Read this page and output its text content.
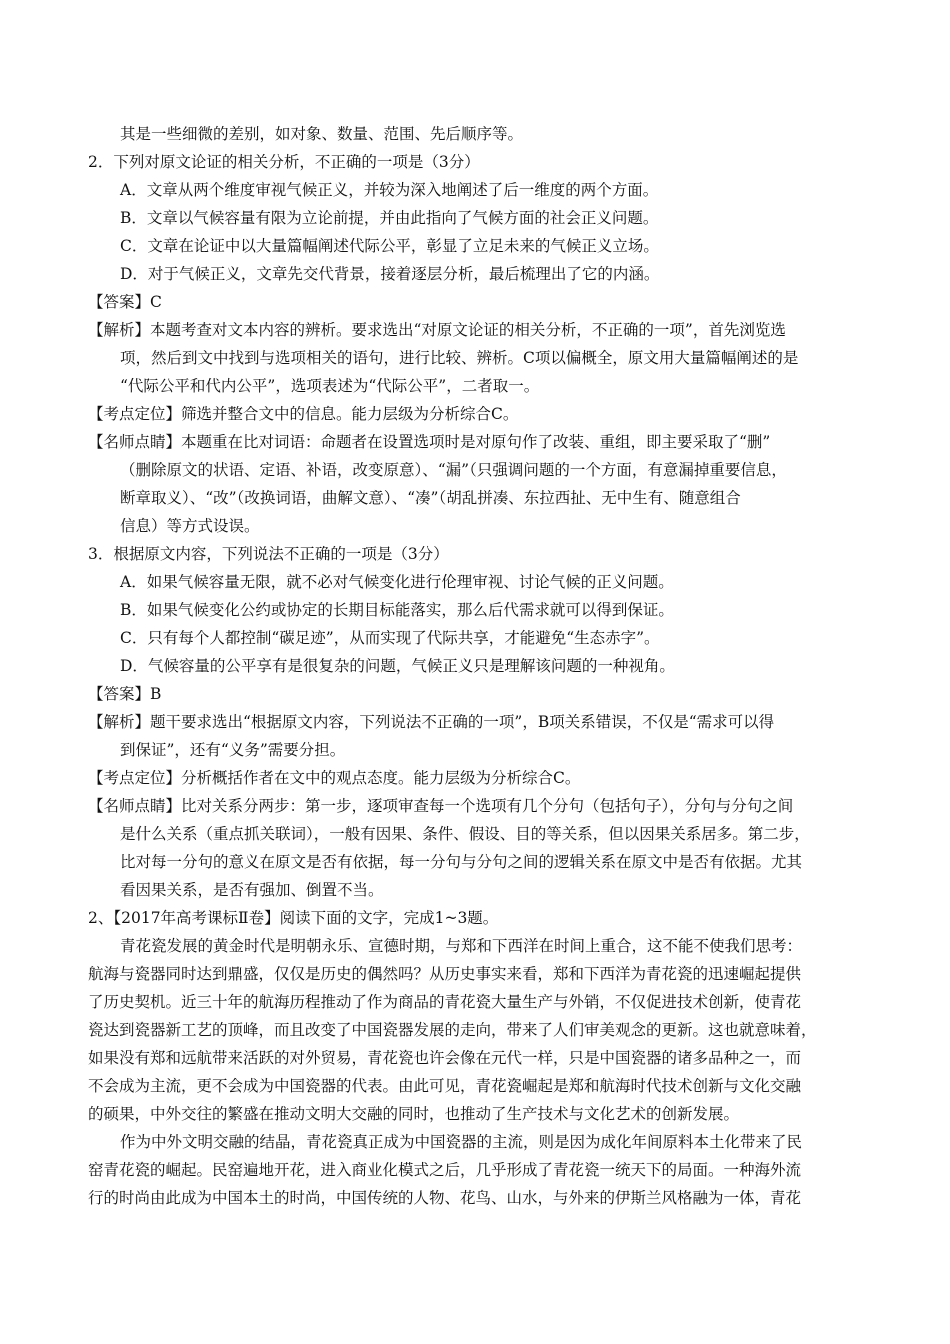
其是一些细微的差别，如对象、数量、范围、先后顺序等。
2．下列对原文论证的相关分析，不正确的一项是（3分）
A．文章从两个维度审视气候正义，并较为深入地阐述了后一维度的两个方面。
B．文章以气候容量有限为立论前提，并由此指向了气候方面的社会正义问题。
C．文章在论证中以大量篇幅阐述代际公平，彰显了立足未来的气候正义立场。
D．对于气候正义，文章先交代背景，接着逐层分析，最后梳理出了它的内涵。
【答案】C
【解析】本题考查对文本内容的辨析。要求选出“对原文论证的相关分析，不正确的一项”，首先浏览选
项，然后到文中找到与选项相关的语句，进行比较、辨析。C项以偏概全，原文用大量篇幅阐述的是
“代际公平和代内公平”，选项表述为“代际公平”，二者取一。
【考点定位】筛选并整合文中的信息。能力层级为分析综合C。
【名师点睛】本题重在比对词语：命题者在设置选项时是对原句作了改装、重组，即主要采取了“删”
（删除原文的状语、定语、补语，改变原意）、“漏”（只强调问题的一个方面，有意漏掉重要信息，
断章取义）、“改”（改换词语，曲解文意）、“凑”（胡乱拼凑、东拉西扯、无中生有、随意组合
信息）等方式设误。
3．根据原文内容，下列说法不正确的一项是（3分）
A．如果气候容量无限，就不必对气候变化进行伦理审视、讨论气候的正义问题。
B．如果气候变化公约或协定的长期目标能落实，那么后代需求就可以得到保证。
C．只有每个人都控制“碳足迹”，从而实现了代际共享，才能避免“生态赤字”。
D．气候容量的公平享有是很复杂的问题，气候正义只是理解该问题的一种视角。
【答案】B
【解析】题干要求选出“根据原文内容，下列说法不正确的一项”，B项关系错误，不仅是“需求可以得
到保证”，还有“义务”需要分担。
【考点定位】分析概括作者在文中的观点态度。能力层级为分析综合C。
【名师点睛】比对关系分两步：第一步，逐项审查每一个选项有几个分句（包括句子），分句与分句之间
是什么关系（重点抓关联词），一般有因果、条件、假设、目的等关系，但以因果关系居多。第二步，
比对每一分句的意义在原文是否有依据，每一分句与分句之间的逻辑关系在原文中是否有依据。尤其
看因果关系，是否有强加、倒置不当。
2、【2017年高考课标Ⅱ卷】阅读下面的文字，完成1~3题。
青花瓷发展的黄金时代是明朝永乐、宣德时期，与郑和下西洋在时间上重合，这不能不使我们思考：
航海与瓷器同时达到鼎盛，仅仅是历史的偶然吗？从历史事实来看，郑和下西洋为青花瓷的迅速崛起提供
了历史契机。近三十年的航海历程推动了作为商品的青花瓷大量生产与外销，不仅促进技术创新，使青花
瓷达到瓷器新工艺的顶峰，而且改变了中国瓷器发展的走向，带来了人们审美观念的更新。这也就意味着，
如果没有郑和远航带来活跃的对外贸易，青花瓷也许会像在元代一样，只是中国瓷器的诸多品种之一，而
不会成为主流，更不会成为中国瓷器的代表。由此可见，青花瓷崛起是郑和航海时代技术创新与文化交融
的硕果，中外交往的繁盛在推动文明大交融的同时，也推动了生产技术与文化艺术的创新发展。
作为中外文明交融的结晶，青花瓷真正成为中国瓷器的主流，则是因为成化年间原料本土化带来了民
窑青花瓷的崛起。民窑遍地开花，进入商业化模式之后，几乎形成了青花瓷一统天下的局面。一种海外流
行的时尚由此成为中国本土的时尚，中国传统的人物、花鸟、山水，与外来的伊斯兰风格融为一体，青花
